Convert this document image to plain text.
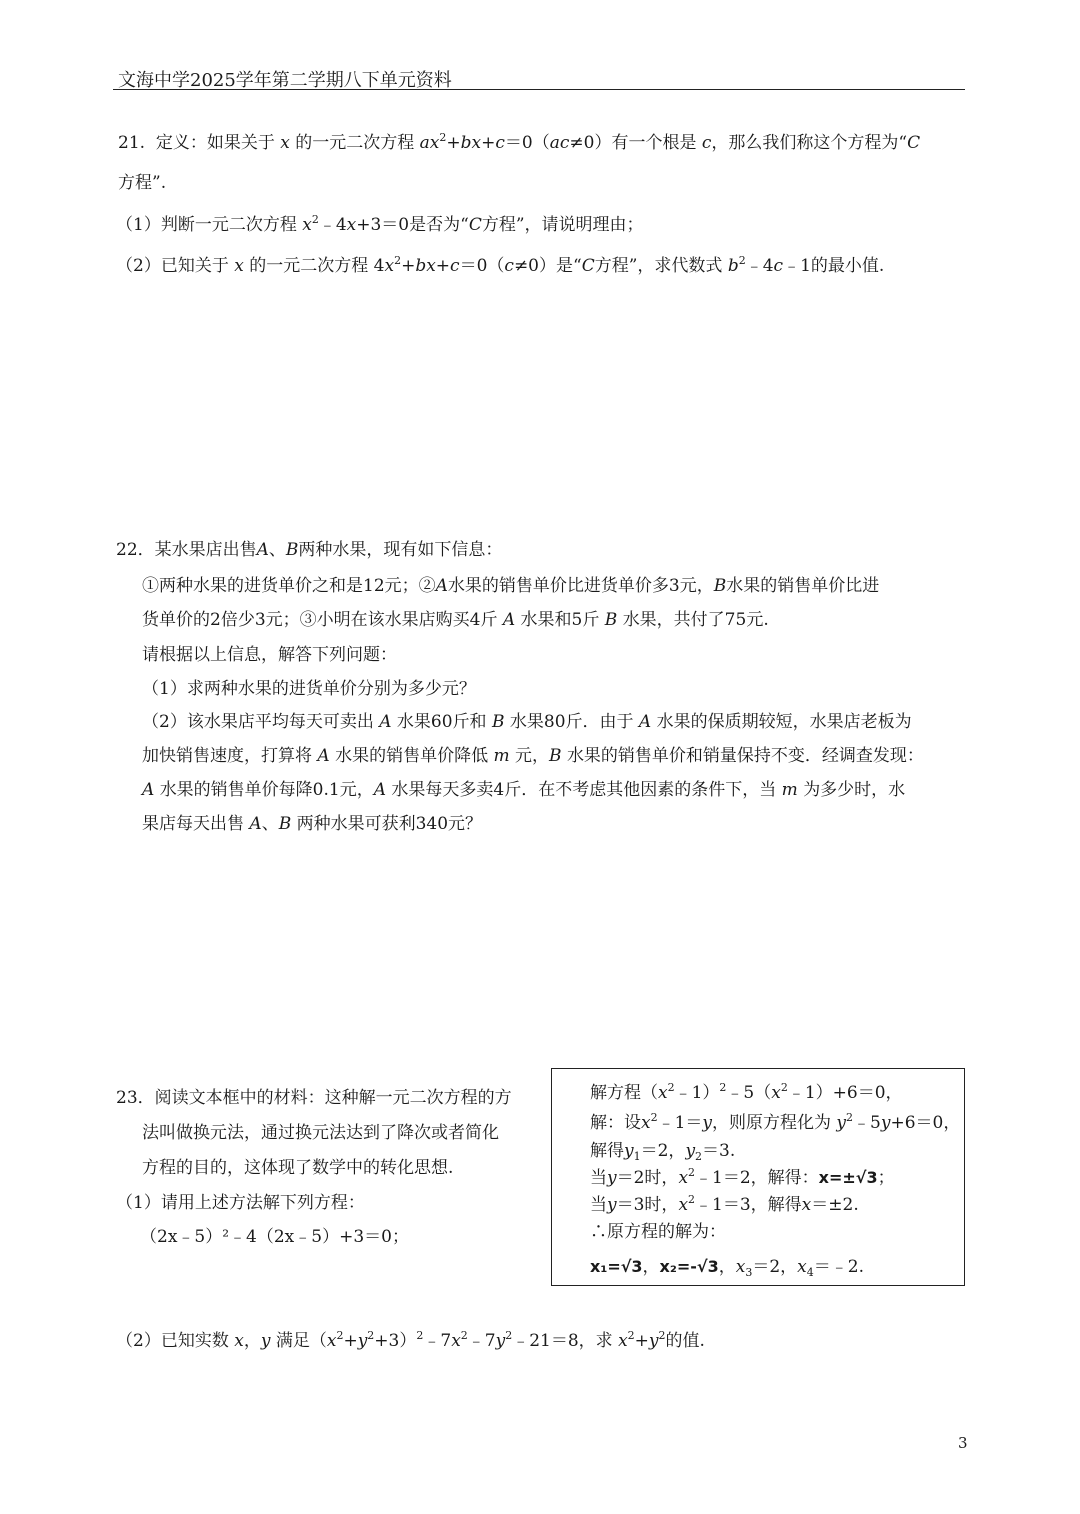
文海中学2025学年第二学期八下单元资料
21. 定义：如果关于 x 的一元二次方程 $ax^2+bx+c=0(ac\ne 0)$有一个根是 c，那么我们称这个方程为“C
方程”.
（1）判断一元二次方程 $x^2﹣4x+3=0$是否为“C方程”，请说明理由；
（2）已知关于 x 的一元二次方程 $4x^2+bx+c=0(c\ne 0)$是“C方程”，求代数式 $b^2﹣4c﹣1$的最小值.
22．某水果店出售A、B两种水果，现有如下信息：
①两种水果的进货单价之和是12元；②A水果的销售单价比进货单价多3元，B水果的销售单价比进
货单价的2倍少3元；③小明在该水果店购买4斤 A 水果和5斤 B 水果，共付了75元.
请根据以上信息，解答下列问题：
（1）求两种水果的进货单价分别为多少元？
（2）该水果店平均每天可卖出 A 水果60斤和 B 水果80斤．由于 A 水果的保质期较短，水果店老板为
加快销售速度，打算将 A 水果的销售单价降低 m 元，B 水果的销售单价和销量保持不变．经调查发现：
A 水果的销售单价每降0.1元，A 水果每天多卖4斤．在不考虑其他因素的条件下，当 m 为多少时，水
果店每天出售 A、B 两种水果可获利340元？
23．阅读文本框中的材料：这种解一元二次方程的方
法叫做换元法，通过换元法达到了降次或者简化
方程的目的，这体现了数学中的转化思想.
（1）请用上述方法解下列方程：
（2x﹣5）²﹣4（2x﹣5）+3＝0；
解方程$(x^2﹣1)^2﹣5(x^2﹣1)+6=0$，
解：设$x^2﹣1=y$，则原方程化为 $y^2﹣5y+6=0$，
解得$y_1=2$，$y_2=3$.
当y＝2时，$x^2﹣1=2$，解得：x=±√3；
当y＝3时，$x^2﹣1=3$，解得x＝±2.
∴原方程的解为：
x₁=√3，x₂=-√3，$x_3=2$，$x_4=﹣2$.
（2）已知实数 x，y 满足$(x^2+y^2+3)^2﹣7x^2﹣7y^2﹣21=8$，求 $x^2+y^2$的值.
3
